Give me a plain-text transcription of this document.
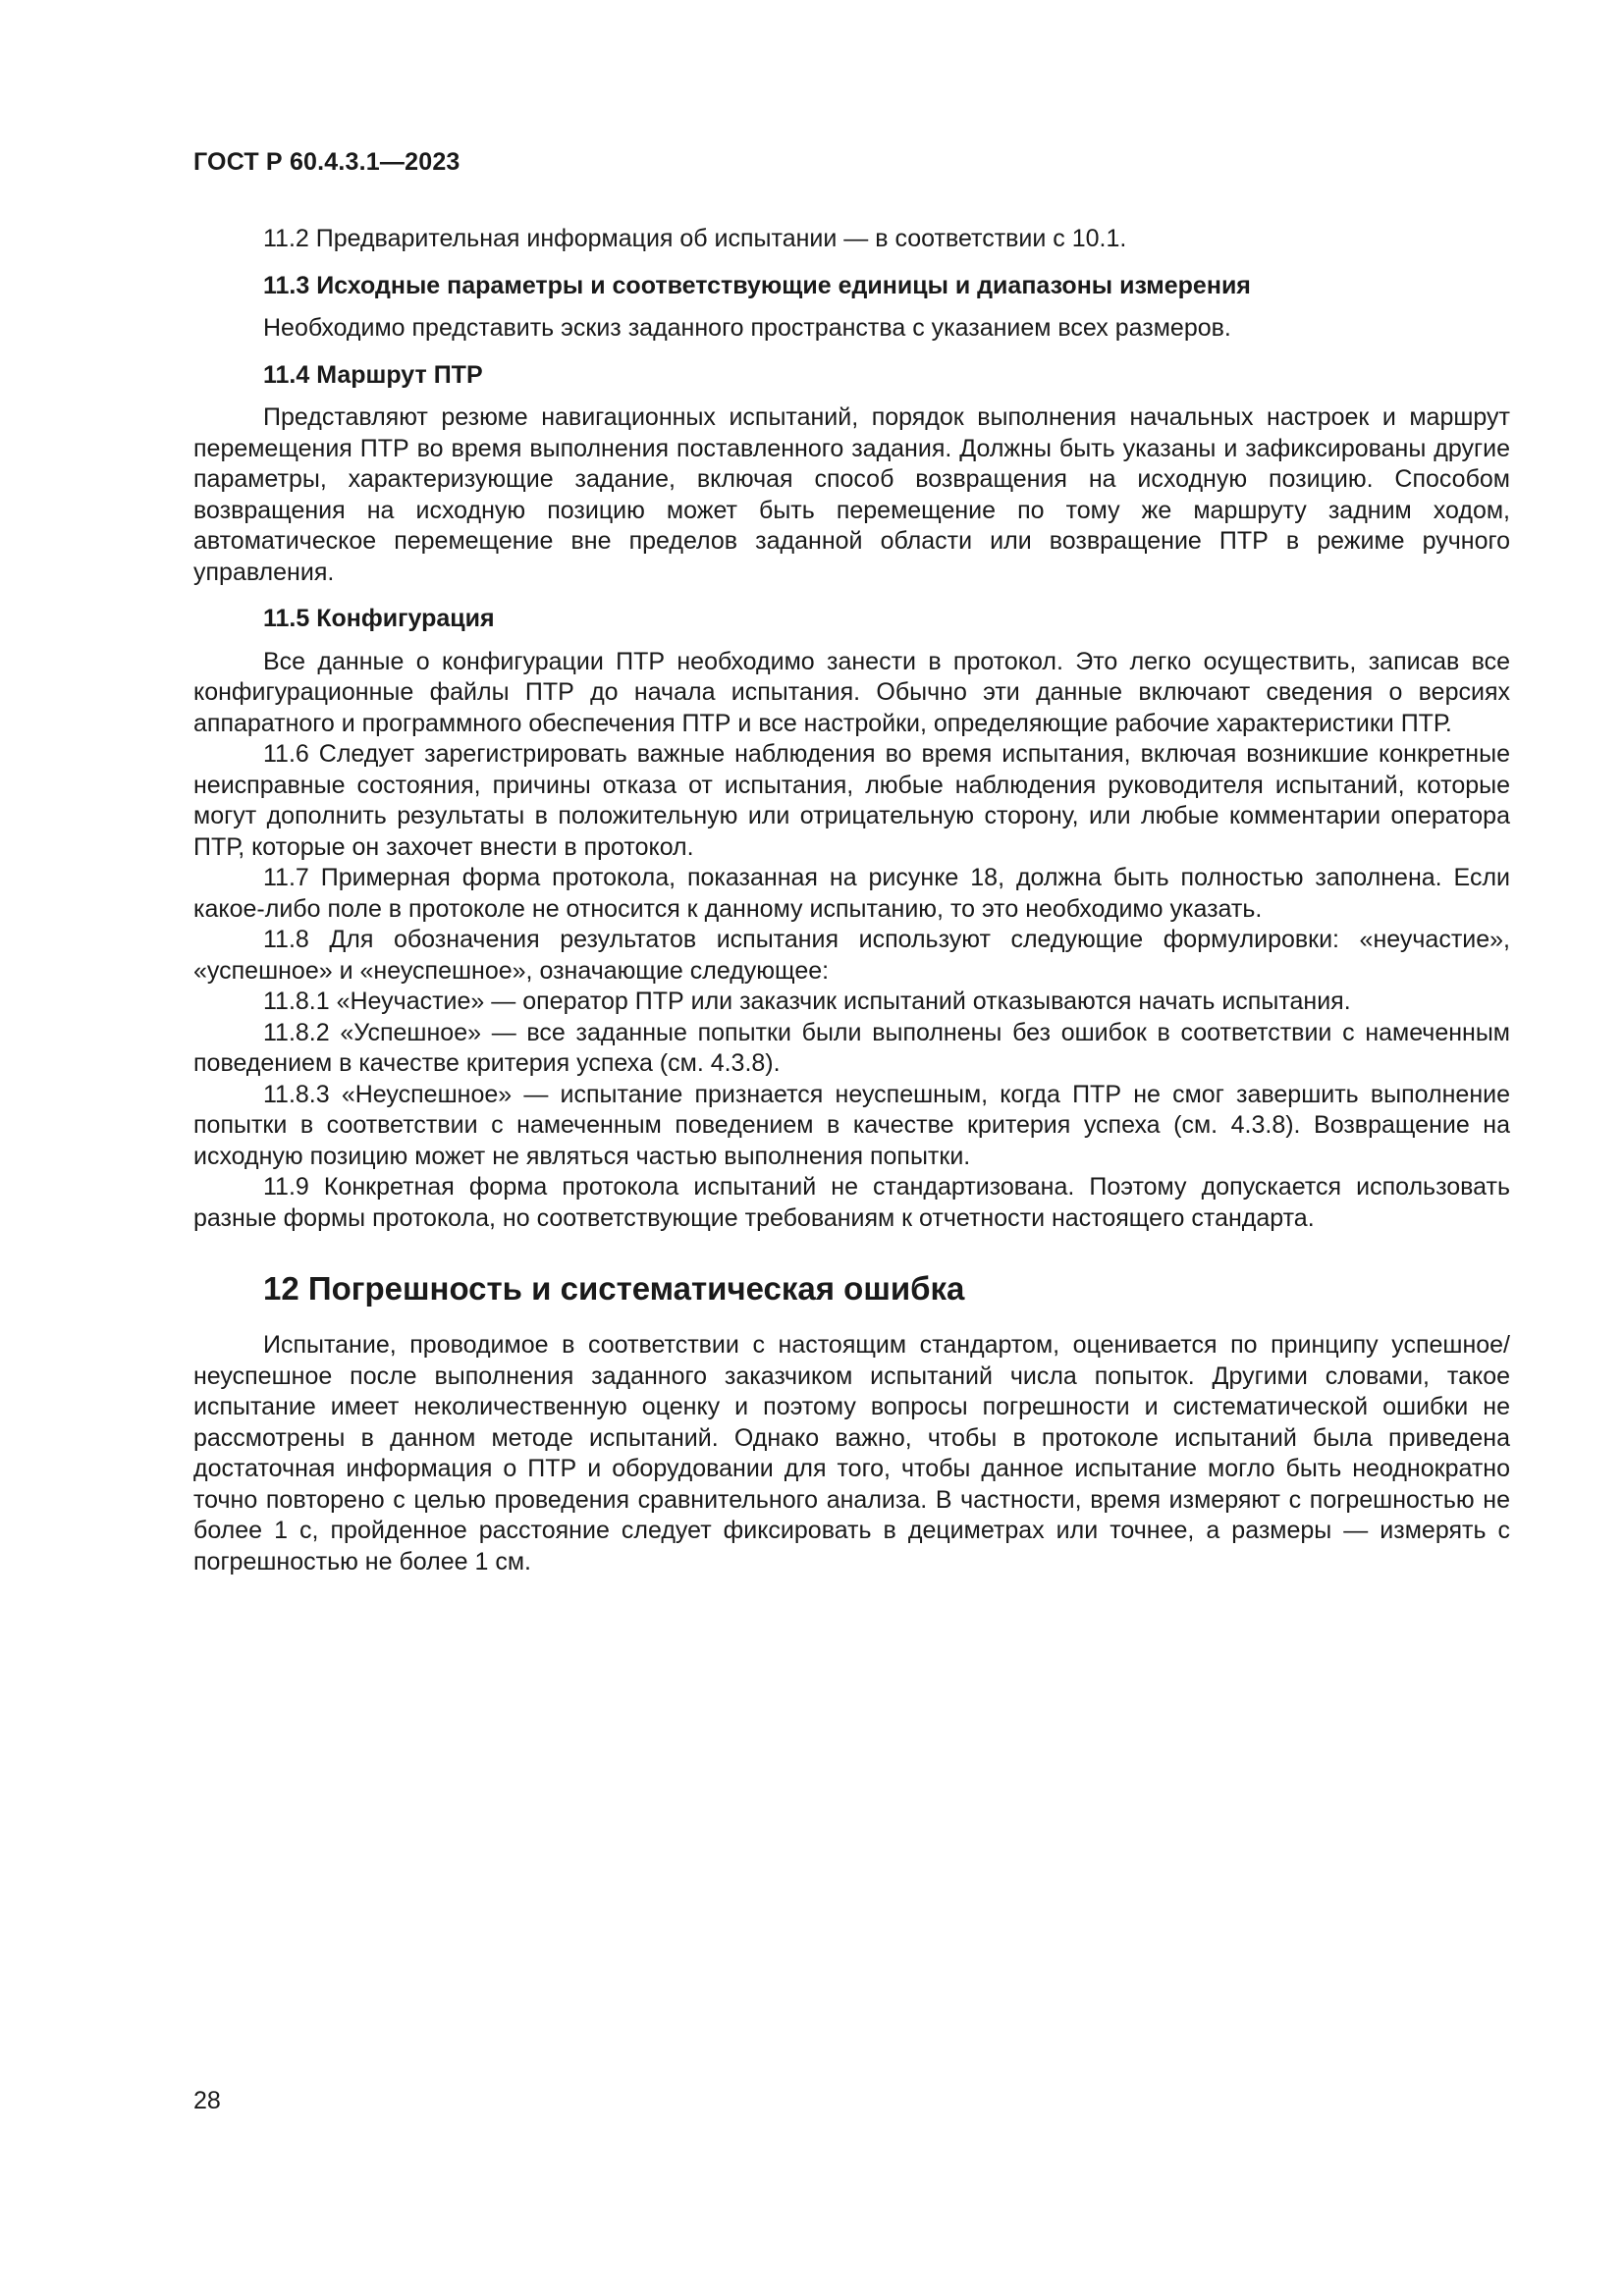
ГОСТ Р 60.4.3.1—2023

11.2 Предварительная информация об испытании — в соответствии с 10.1.

11.3 Исходные параметры и соответствующие единицы и диапазоны измерения

Необходимо представить эскиз заданного пространства с указанием всех размеров.

11.4 Маршрут ПТР

Представляют резюме навигационных испытаний, порядок выполнения начальных настроек и маршрут перемещения ПТР во время выполнения поставленного задания. Должны быть указаны и зафиксированы другие параметры, характеризующие задание, включая способ возвращения на исходную позицию. Способом возвращения на исходную позицию может быть перемещение по тому же маршруту задним ходом, автоматическое перемещение вне пределов заданной области или возвращение ПТР в режиме ручного управления.

11.5 Конфигурация

Все данные о конфигурации ПТР необходимо занести в протокол. Это легко осуществить, записав все конфигурационные файлы ПТР до начала испытания. Обычно эти данные включают сведения о версиях аппаратного и программного обеспечения ПТР и все настройки, определяющие рабочие характеристики ПТР.

11.6 Следует зарегистрировать важные наблюдения во время испытания, включая возникшие конкретные неисправные состояния, причины отказа от испытания, любые наблюдения руководителя испытаний, которые могут дополнить результаты в положительную или отрицательную сторону, или любые комментарии оператора ПТР, которые он захочет внести в протокол.

11.7 Примерная форма протокола, показанная на рисунке 18, должна быть полностью заполнена. Если какое-либо поле в протоколе не относится к данному испытанию, то это необходимо указать.

11.8 Для обозначения результатов испытания используют следующие формулировки: «неучастие», «успешное» и «неуспешное», означающие следующее:

11.8.1 «Неучастие» — оператор ПТР или заказчик испытаний отказываются начать испытания.

11.8.2 «Успешное» — все заданные попытки были выполнены без ошибок в соответствии с намеченным поведением в качестве критерия успеха (см. 4.3.8).

11.8.3 «Неуспешное» — испытание признается неуспешным, когда ПТР не смог завершить выполнение попытки в соответствии с намеченным поведением в качестве критерия успеха (см. 4.3.8). Возвращение на исходную позицию может не являться частью выполнения попытки.

11.9 Конкретная форма протокола испытаний не стандартизована. Поэтому допускается использовать разные формы протокола, но соответствующие требованиям к отчетности настоящего стандарта.

12 Погрешность и систематическая ошибка

Испытание, проводимое в соответствии с настоящим стандартом, оценивается по принципу успешное/неуспешное после выполнения заданного заказчиком испытаний числа попыток. Другими словами, такое испытание имеет неколичественную оценку и поэтому вопросы погрешности и систематической ошибки не рассмотрены в данном методе испытаний. Однако важно, чтобы в протоколе испытаний была приведена достаточная информация о ПТР и оборудовании для того, чтобы данное испытание могло быть неоднократно точно повторено с целью проведения сравнительного анализа. В частности, время измеряют с погрешностью не более 1 с, пройденное расстояние следует фиксировать в дециметрах или точнее, а размеры — измерять с погрешностью не более 1 см.

28
